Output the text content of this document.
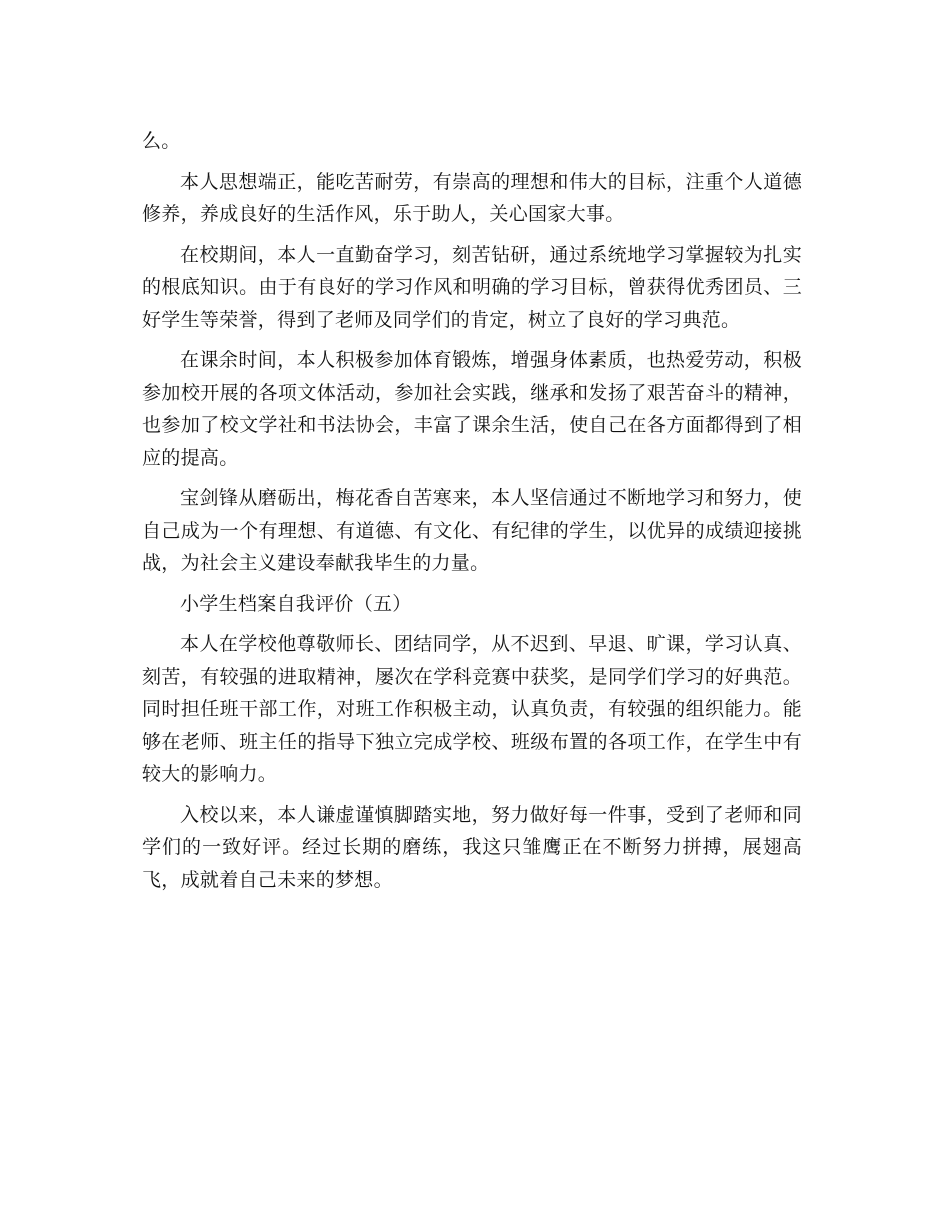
么。

本人思想端正，能吃苦耐劳，有崇高的理想和伟大的目标，注重个人道德修养，养成良好的生活作风，乐于助人，关心国家大事。

在校期间，本人一直勤奋学习，刻苦钻研，通过系统地学习掌握较为扎实的根底知识。由于有良好的学习作风和明确的学习目标，曾获得优秀团员、三好学生等荣誉，得到了老师及同学们的肯定，树立了良好的学习典范。

在课余时间，本人积极参加体育锻炼，增强身体素质，也热爱劳动，积极参加校开展的各项文体活动，参加社会实践，继承和发扬了艰苦奋斗的精神，也参加了校文学社和书法协会，丰富了课余生活，使自己在各方面都得到了相应的提高。

宝剑锋从磨砺出，梅花香自苦寒来，本人坚信通过不断地学习和努力，使自己成为一个有理想、有道德、有文化、有纪律的学生，以优异的成绩迎接挑战，为社会主义建设奉献我毕生的力量。

小学生档案自我评价（五）

本人在学校他尊敬师长、团结同学，从不迟到、早退、旷课，学习认真、刻苦，有较强的进取精神，屡次在学科竞赛中获奖，是同学们学习的好典范。同时担任班干部工作，对班工作积极主动，认真负责，有较强的组织能力。能够在老师、班主任的指导下独立完成学校、班级布置的各项工作，在学生中有较大的影响力。

入校以来，本人谦虚谨慎脚踏实地，努力做好每一件事，受到了老师和同学们的一致好评。经过长期的磨练，我这只雏鹰正在不断努力拼搏，展翅高飞，成就着自己未来的梦想。
